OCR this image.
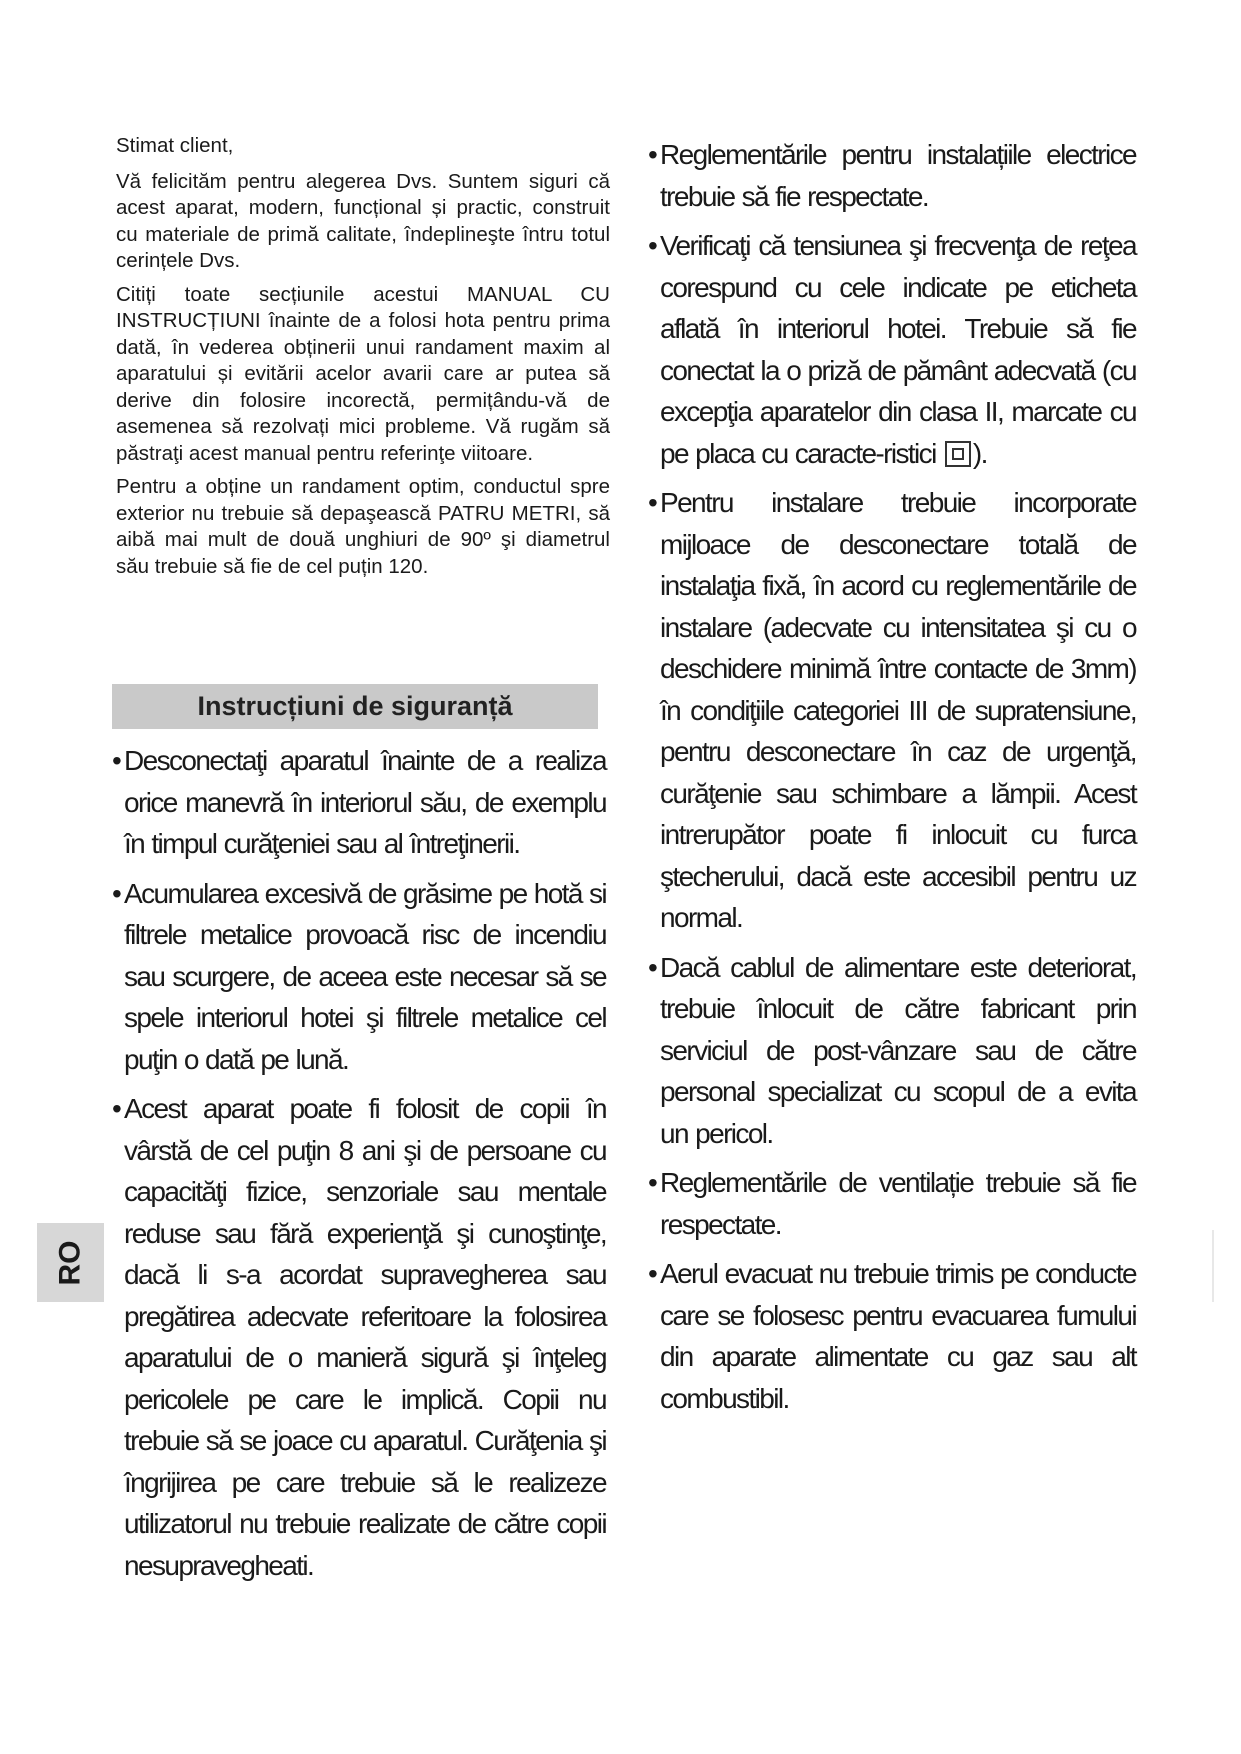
Stimat client,

Vă felicităm pentru alegerea Dvs. Suntem siguri că acest aparat, modern, funcțional și practic, construit cu materiale de primă calitate, îndeplineşte întru totul cerințele Dvs.

Citiți toate secțiunile acestui MANUAL CU INSTRUCȚIUNI înainte de a folosi hota pentru prima dată, în vederea obținerii unui randament maxim al aparatului și evitării acelor avarii care ar putea să derive din folosire incorectă, permițându-vă de asemenea să rezolvați mici probleme. Vă rugăm să păstraţi acest manual pentru referinţe viitoare.

Pentru a obține un randament optim, conductul spre exterior nu trebuie să depaşească PATRU METRI, să aibă mai mult de două unghiuri de 90º şi diametrul său trebuie să fie de cel puțin 120.

Instrucțiuni de siguranță
• Desconectaţi aparatul înainte de a realiza orice manevră în interiorul său, de exemplu în timpul curăţeniei sau al întreţinerii.
• Acumularea excesivă de grăsime pe hotă si filtrele metalice provoacă risc de incendiu sau scurgere, de aceea este necesar să se spele interiorul hotei şi filtrele metalice cel puţin o dată pe lună.
• Acest aparat poate fi folosit de copii în vârstă de cel puţin 8 ani şi de persoane cu capacităţi fizice, senzoriale sau mentale reduse sau fără experienţă şi cunoştinţe, dacă li s-a acordat supravegherea sau pregătirea adecvate referitoare la folosirea aparatului de o manieră sigură şi înţeleg pericolele pe care le implică. Copii nu trebuie să se joace cu aparatul. Curăţenia şi îngrijirea pe care trebuie să le realizeze utilizatorul nu trebuie realizate de către copii nesupravegheati.
• Reglementările pentru instalațiile electrice trebuie să fie respectate.
• Verificaţi că tensiunea şi frecvenţa de reţea corespund cu cele indicate pe eticheta aflată în interiorul hotei. Trebuie să fie conectat la o priză de pământ adecvată (cu excepţia aparatelor din clasa II, marcate cu pe placa cu caracte-ristici ).
• Pentru instalare trebuie incorporate mijloace de desconectare totală de instalaţia fixă, în acord cu reglementările de instalare (adecvate cu intensitatea şi cu o deschidere minimă între contacte de 3mm) în condiţiile categoriei III de supratensiune, pentru desconectare în caz de urgenţă, curăţenie sau schimbare a lămpii. Acest intrerupător poate fi inlocuit cu furca ştecherului, dacă este accesibil pentru uz normal.
• Dacă cablul de alimentare este deteriorat, trebuie înlocuit de către fabricant prin serviciul de post-vânzare sau de către personal specializat cu scopul de a evita un pericol.
• Reglementările de ventilație trebuie să fie respectate.
• Aerul evacuat nu trebuie trimis pe conducte care se folosesc pentru evacuarea fumului din aparate alimentate cu gaz sau alt combustibil.
RO
